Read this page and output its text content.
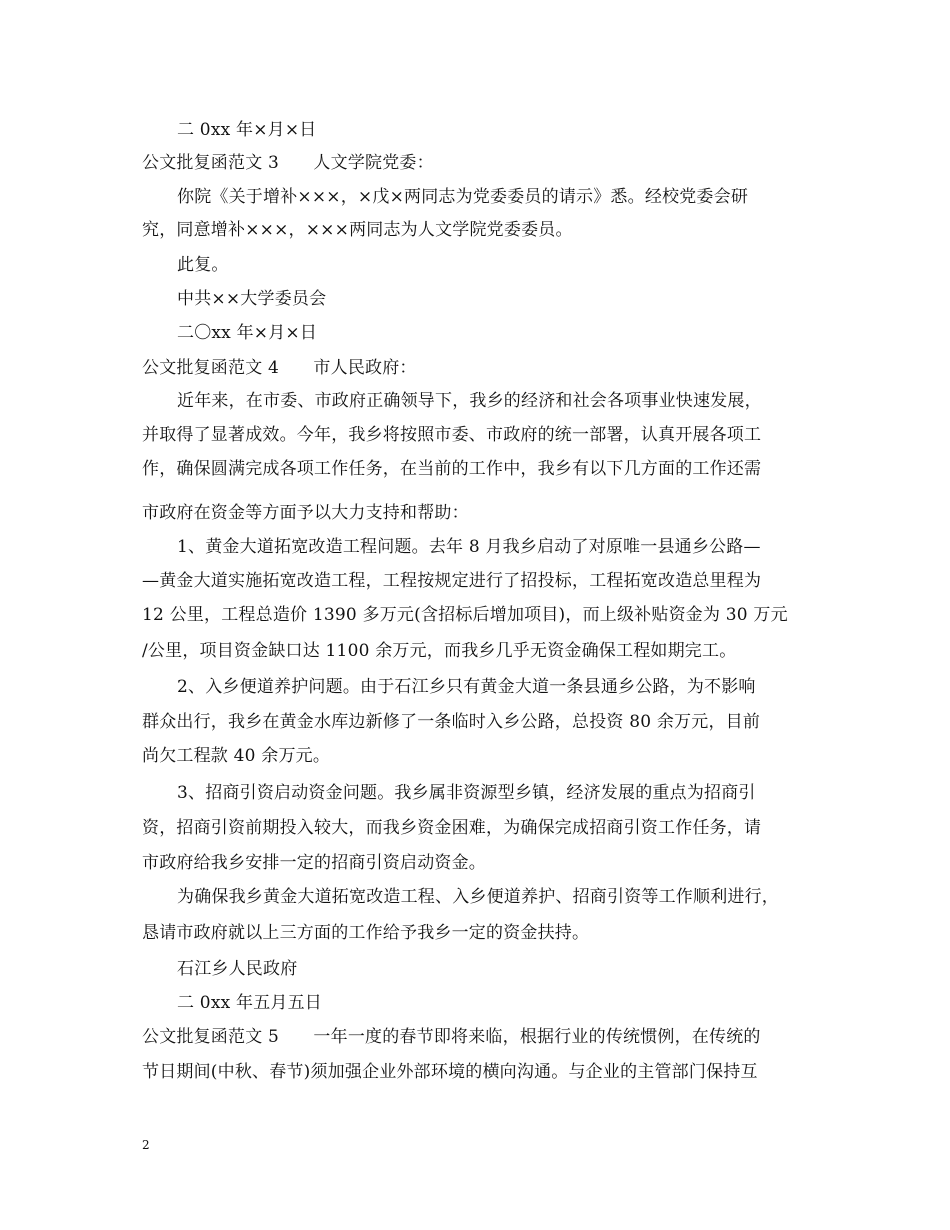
二 0xx 年×月×日
公文批复函范文 3　　人文学院党委：
你院《关于增补×××，×戊×两同志为党委委员的请示》悉。经校党委会研
究，同意增补×××，×××两同志为人文学院党委委员。
此复。
中共××大学委员会
二〇xx 年×月×日
公文批复函范文 4　　市人民政府：
近年来，在市委、市政府正确领导下，我乡的经济和社会各项事业快速发展，
并取得了显著成效。今年，我乡将按照市委、市政府的统一部署，认真开展各项工
作，确保圆满完成各项工作任务，在当前的工作中，我乡有以下几方面的工作还需
市政府在资金等方面予以大力支持和帮助：
1、黄金大道拓宽改造工程问题。去年 8 月我乡启动了对原唯一县通乡公路—
—黄金大道实施拓宽改造工程，工程按规定进行了招投标，工程拓宽改造总里程为
12 公里，工程总造价 1390 多万元(含招标后增加项目)，而上级补贴资金为 30 万元
/公里，项目资金缺口达 1100 余万元，而我乡几乎无资金确保工程如期完工。
2、入乡便道养护问题。由于石江乡只有黄金大道一条县通乡公路，为不影响
群众出行，我乡在黄金水库边新修了一条临时入乡公路，总投资 80 余万元，目前
尚欠工程款 40 余万元。
3、招商引资启动资金问题。我乡属非资源型乡镇，经济发展的重点为招商引
资，招商引资前期投入较大，而我乡资金困难，为确保完成招商引资工作任务，请
市政府给我乡安排一定的招商引资启动资金。
为确保我乡黄金大道拓宽改造工程、入乡便道养护、招商引资等工作顺利进行，
恳请市政府就以上三方面的工作给予我乡一定的资金扶持。
石江乡人民政府
二 0xx 年五月五日
公文批复函范文 5　　一年一度的春节即将来临，根据行业的传统惯例，在传统的
节日期间(中秋、春节)须加强企业外部环境的横向沟通。与企业的主管部门保持互
2
